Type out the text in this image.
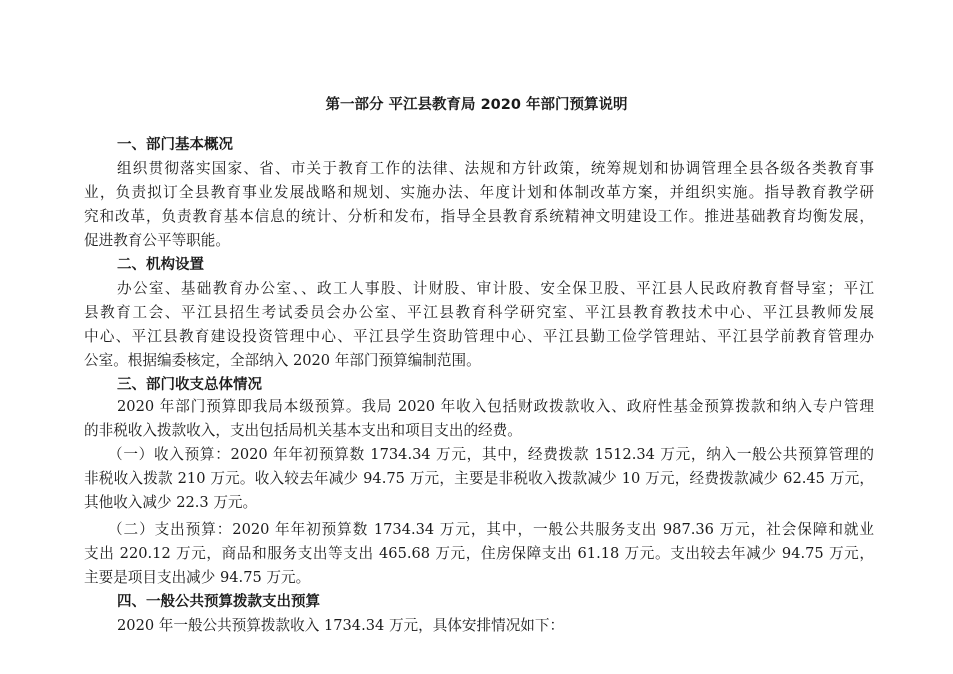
第一部分 平江县教育局 2020 年部门预算说明
一、部门基本概况
组织贯彻落实国家、省、市关于教育工作的法律、法规和方针政策，统筹规划和协调管理全县各级各类教育事
业，负责拟订全县教育事业发展战略和规划、实施办法、年度计划和体制改革方案，并组织实施。指导教育教学研
究和改革，负责教育基本信息的统计、分析和发布，指导全县教育系统精神文明建设工作。推进基础教育均衡发展，
促进教育公平等职能。
二、机构设置
办公室、基础教育办公室、、政工人事股、计财股、审计股、安全保卫股、平江县人民政府教育督导室；平江
县教育工会、平江县招生考试委员会办公室、平江县教育科学研究室、平江县教育教技术中心、平江县教师发展
中心、平江县教育建设投资管理中心、平江县学生资助管理中心、平江县勤工俭学管理站、平江县学前教育管理办
公室。根据编委核定，全部纳入 2020 年部门预算编制范围。
三、部门收支总体情况
2020 年部门预算即我局本级预算。我局 2020 年收入包括财政拨款收入、政府性基金预算拨款和纳入专户管理
的非税收入拨款收入，支出包括局机关基本支出和项目支出的经费。
（一）收入预算：2020 年年初预算数 1734.34 万元，其中，经费拨款 1512.34 万元，纳入一般公共预算管理的
非税收入拨款 210 万元。收入较去年减少 94.75 万元，主要是非税收入拨款减少 10 万元，经费拨款减少 62.45 万元，
其他收入减少 22.3 万元。
（二）支出预算：2020 年年初预算数 1734.34 万元，其中，一般公共服务支出 987.36 万元，社会保障和就业
支出 220.12 万元，商品和服务支出等支出 465.68 万元，住房保障支出 61.18 万元。支出较去年减少 94.75 万元，
主要是项目支出减少 94.75 万元。
四、一般公共预算拨款支出预算
2020 年一般公共预算拨款收入 1734.34 万元，具体安排情况如下：
